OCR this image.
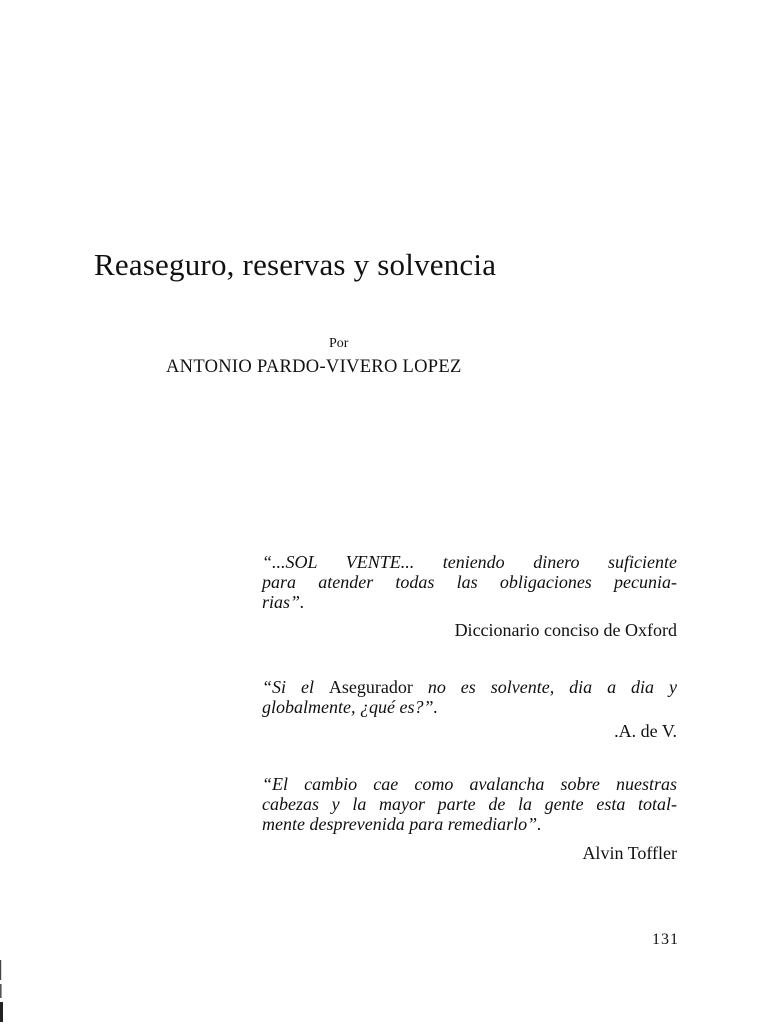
Reaseguro, reservas y solvencia
Por
ANTONIO PARDO-VIVERO LOPEZ
“...SOL VENTE... teniendo dinero suficiente
para atender todas las obligaciones pecunia-
rias”.
Diccionario conciso de Oxford
“Si el Asegurador no es solvente, dia a dia y
globalmente, ¿qué es?”.
.A. de V.
“El cambio cae como avalancha sobre nuestras
cabezas y la mayor parte de la gente esta total-
mente desprevenida para remediarlo”.
Alvin Toffler
131
